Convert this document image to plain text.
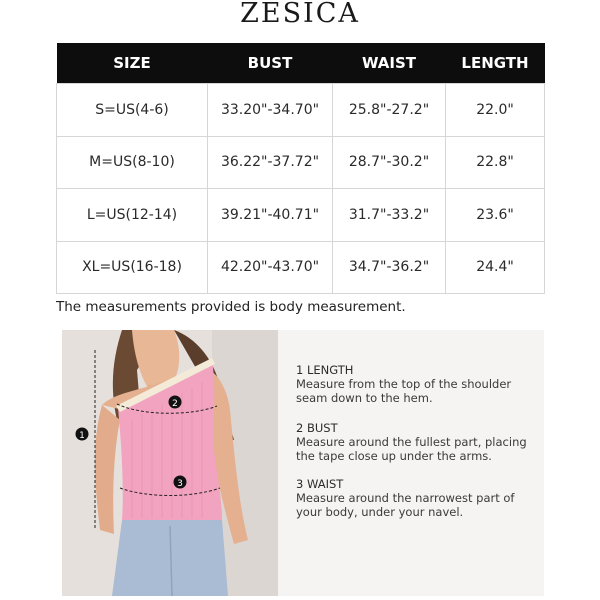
ZESICA
SIZE	BUST	WAIST	LENGTH
S=US(4-6)	33.20"-34.70"	25.8"-27.2"	22.0"
M=US(8-10)	36.22"-37.72"	28.7"-30.2"	22.8"
L=US(12-14)	39.21"-40.71"	31.7"-33.2"	23.6"
XL=US(16-18)	42.20"-43.70"	34.7"-36.2"	24.4"
The measurements provided is body measurement.
1
2
3
1 LENGTH
Measure from the top of the shoulder
seam down to the hem.
2 BUST
Measure around the fullest part, placing
the tape close up under the arms.
3 WAIST
Measure around the narrowest part of
your body, under your navel.
